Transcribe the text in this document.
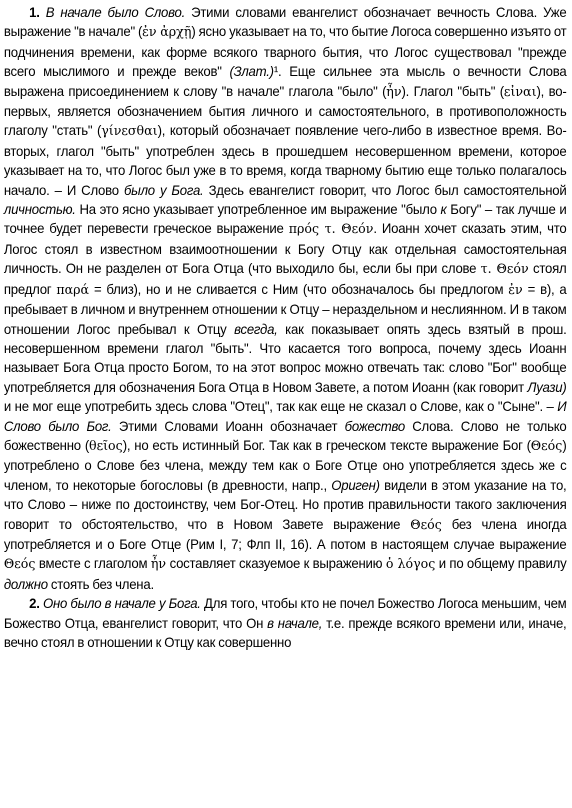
1. В начале было Слово. Этими словами евангелист обозначает вечность Слова. Уже выражение "в начале" (ἐν ἀρχῇ) ясно указывает на то, что бытие Логоса совершенно изъято от подчинения времени, как форме всякого тварного бытия, что Логос существовал "прежде всего мыслимого и прежде веков" (Злат.)¹. Еще сильнее эта мысль о вечности Слова выражена присоединением к слову "в начале" глагола "было" (ἦν). Глагол "быть" (εἰναι), во-первых, является обозначением бытия личного и самостоятельного, в противоположность глаголу "стать" (γίνεσθαι), который обозначает появление чего-либо в известное время. Во-вторых, глагол "быть" употреблен здесь в прошедшем несовершенном времени, которое указывает на то, что Логос был уже в то время, когда тварному бытию еще только полагалось начало. – И Слово было у Бога. Здесь евангелист говорит, что Логос был самостоятельной личностью. На это ясно указывает употребленное им выражение "было к Богу" – так лучше и точнее будет перевести греческое выражение πρός τ. Θεόν. Иоанн хочет сказать этим, что Логос стоял в известном взаимоотношении к Богу Отцу как отдельная самостоятельная личность. Он не разделен от Бога Отца (что выходило бы, если бы при слове τ. Θεόν стоял предлог παρά = близ), но и не сливается с Ним (что обозначалось бы предлогом ἐν = в), а пребывает в личном и внутреннем отношении к Отцу – нераздельном и неслиянном. И в таком отношении Логос пребывал к Отцу всегда, как показывает опять здесь взятый в прош. несовершенном времени глагол "быть". Что касается того вопроса, почему здесь Иоанн называет Бога Отца просто Богом, то на этот вопрос можно отвечать так: слово "Бог" вообще употребляется для обозначения Бога Отца в Новом Завете, а потом Иоанн (как говорит Луази) и не мог еще употребить здесь слова "Отец", так как еще не сказал о Слове, как о "Сыне". – И Слово было Бог. Этими Словами Иоанн обозначает божество Слова. Слово не только божественно (θεῖος), но есть истинный Бог. Так как в греческом тексте выражение Бог (Θεός) употреблено о Слове без члена, между тем как о Боге Отце оно употребляется здесь же с членом, то некоторые богословы (в древности, напр., Ориген) видели в этом указание на то, что Слово – ниже по достоинству, чем Бог-Отец. Но против правильности такого заключения говорит то обстоятельство, что в Новом Завете выражение Θεός без члена иногда употребляется и о Боге Отце (Рим I, 7; Флп II, 16). А потом в настоящем случае выражение Θεός вместе с глаголом ἦν составляет сказуемое к выражению ὁ λόγος и по общему правилу должно стоять без члена.

2. Оно было в начале у Бога. Для того, чтобы кто не почел Божество Логоса меньшим, чем Божество Отца, евангелист говорит, что Он в начале, т.е. прежде всякого времени или, иначе, вечно стоял в отношении к Отцу как совершенно
